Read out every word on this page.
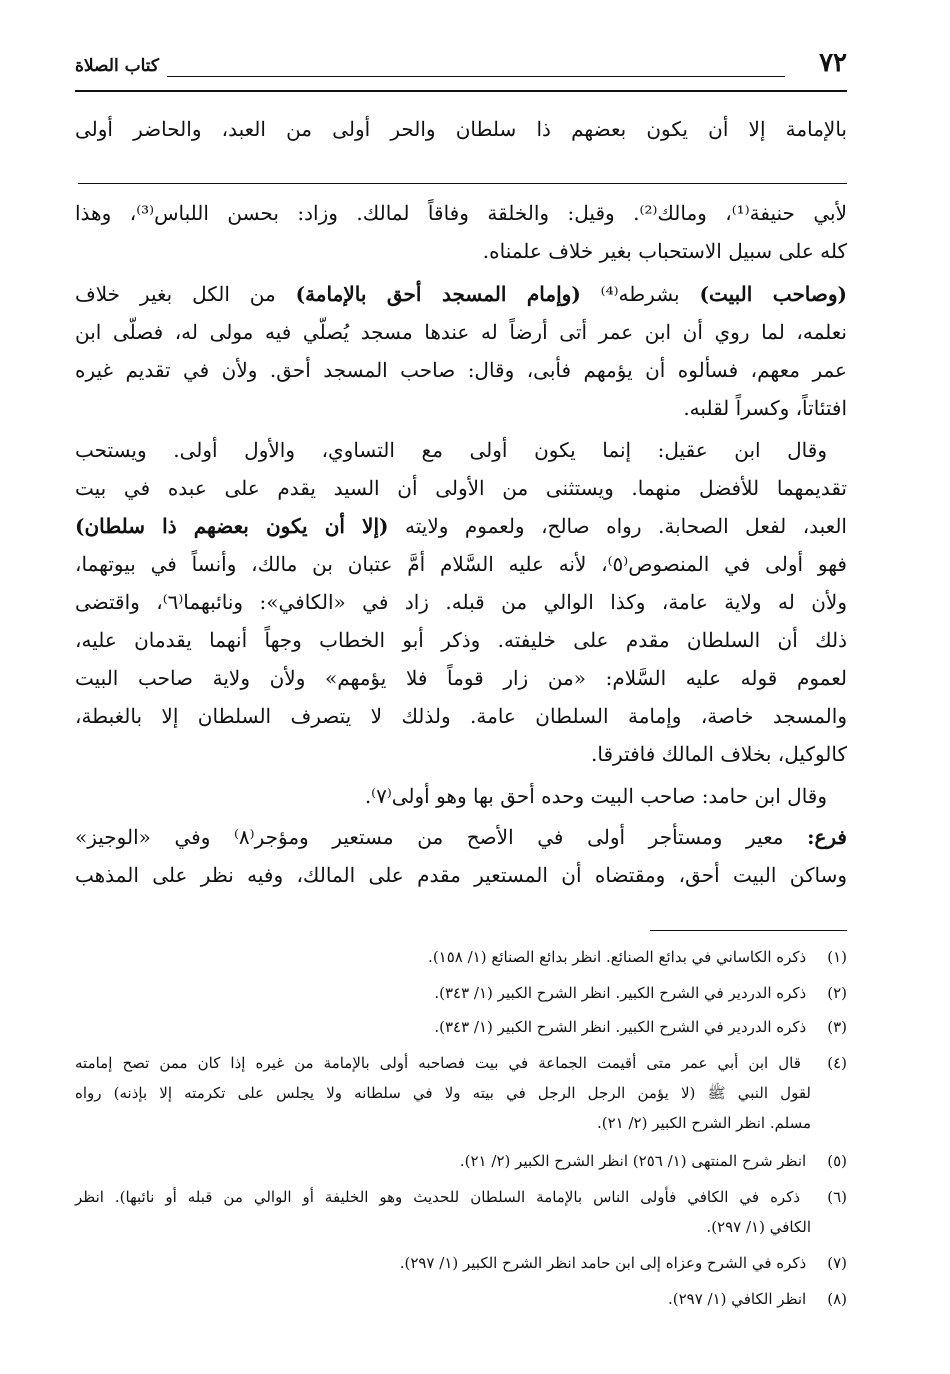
٧٢
كتاب الصلاة
بالإمامة إلا أن يكون بعضهم ذا سلطان والحر أولى من العبد، والحاضر أولى
لأبي حنيفة⁽¹⁾، ومالك⁽²⁾. وقيل: والخلقة وفاقاً لمالك. وزاد: بحسن اللباس⁽³⁾، وهذا
كله على سبيل الاستحباب بغير خلاف علمناه.
(وصاحب البيت) بشرطه⁽⁴⁾ (وإمام المسجد أحق بالإمامة) من الكل بغير خلاف
نعلمه، لما روي أن ابن عمر أتى أرضاً له عندها مسجد يُصلّي فيه مولى له، فصلّى ابن
عمر معهم، فسألوه أن يؤمهم فأبى، وقال: صاحب المسجد أحق. ولأن في تقديم غيره
افتئاتاً، وكسراً لقلبه.
وقال ابن عقيل: إنما يكون أولى مع التساوي، والأول أولى. ويستحب
تقديمهما للأفضل منهما. ويستثنى من الأولى أن السيد يقدم على عبده في بيت
العبد، لفعل الصحابة. رواه صالح، ولعموم ولايته (إلا أن يكون بعضهم ذا سلطان)
فهو أولى في المنصوص⁽٥⁾، لأنه عليه السَّلام أمَّ عتبان بن مالك، وأنساً في بيوتهما،
ولأن له ولاية عامة، وكذا الوالي من قبله. زاد في «الكافي»: ونائبهما⁽٦⁾، واقتضى
ذلك أن السلطان مقدم على خليفته. وذكر أبو الخطاب وجهاً أنهما يقدمان عليه،
لعموم قوله عليه السَّلام: «من زار قوماً فلا يؤمهم» ولأن ولاية صاحب البيت
والمسجد خاصة، وإمامة السلطان عامة. ولذلك لا يتصرف السلطان إلا بالغبطة،
كالوكيل، بخلاف المالك فافترقا.
وقال ابن حامد: صاحب البيت وحده أحق بها وهو أولى⁽٧⁾.
فرع: معير ومستأجر أولى في الأصح من مستعير ومؤجر⁽٨⁾ وفي «الوجيز»
وساكن البيت أحق، ومقتضاه أن المستعير مقدم على المالك، وفيه نظر على المذهب
(١) ذكره الكاساني في بدائع الصنائع. انظر بدائع الصنائع (١/ ١٥٨).
(٢) ذكره الدردير في الشرح الكبير. انظر الشرح الكبير (١/ ٣٤٣).
(٣) ذكره الدردير في الشرح الكبير. انظر الشرح الكبير (١/ ٣٤٣).
(٤) قال ابن أبي عمر متى أقيمت الجماعة في بيت فصاحبه أولى بالإمامة من غيره إذا كان ممن تصح إمامته
لقول النبي ﷺ (لا يؤمن الرجل الرجل في بيته ولا في سلطانه ولا يجلس على تكرمته إلا بإذنه) رواه
مسلم. انظر الشرح الكبير (٢/ ٢١).
(٥) انظر شرح المنتهى (١/ ٢٥٦) انظر الشرح الكبير (٢/ ٢١).
(٦) ذكره في الكافي فأولى الناس بالإمامة السلطان للحديث وهو الخليفة أو الوالي من قبله أو نائبها). انظر
الكافي (١/ ٢٩٧).
(٧) ذكره في الشرح وعزاه إلى ابن حامد انظر الشرح الكبير (١/ ٢٩٧).
(٨) انظر الكافي (١/ ٢٩٧).
